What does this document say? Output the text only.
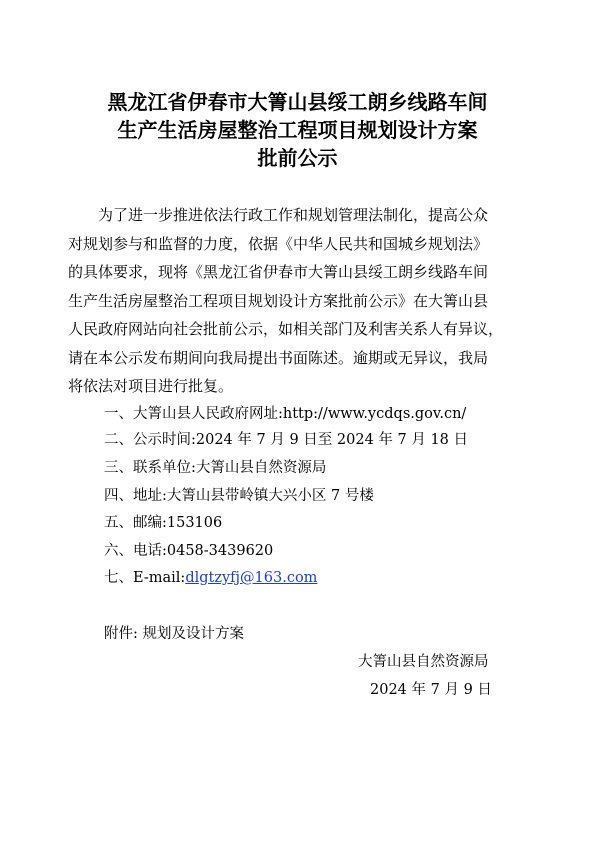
黑龙江省伊春市大箐山县绥工朗乡线路车间
生产生活房屋整治工程项目规划设计方案
批前公示
　　为了进一步推进依法行政工作和规划管理法制化，提高公众
对规划参与和监督的力度，依据《中华人民共和国城乡规划法》
的具体要求，现将《黑龙江省伊春市大箐山县绥工朗乡线路车间
生产生活房屋整治工程项目规划设计方案批前公示》在大箐山县
人民政府网站向社会批前公示，如相关部门及利害关系人有异议，
请在本公示发布期间向我局提出书面陈述。逾期或无异议，我局
将依法对项目进行批复。
一、大箐山县人民政府网址:http://www.ycdqs.gov.cn/
二、公示时间:2024 年 7 月 9 日至 2024 年 7 月 18 日
三、联系单位:大箐山县自然资源局
四、地址:大箐山县带岭镇大兴小区 7 号楼
五、邮编:153106
六、电话:0458-3439620
七、E-mail:dlgtzyfj@163.com
附件: 规划及设计方案
大箐山县自然资源局
2024 年 7 月 9 日
